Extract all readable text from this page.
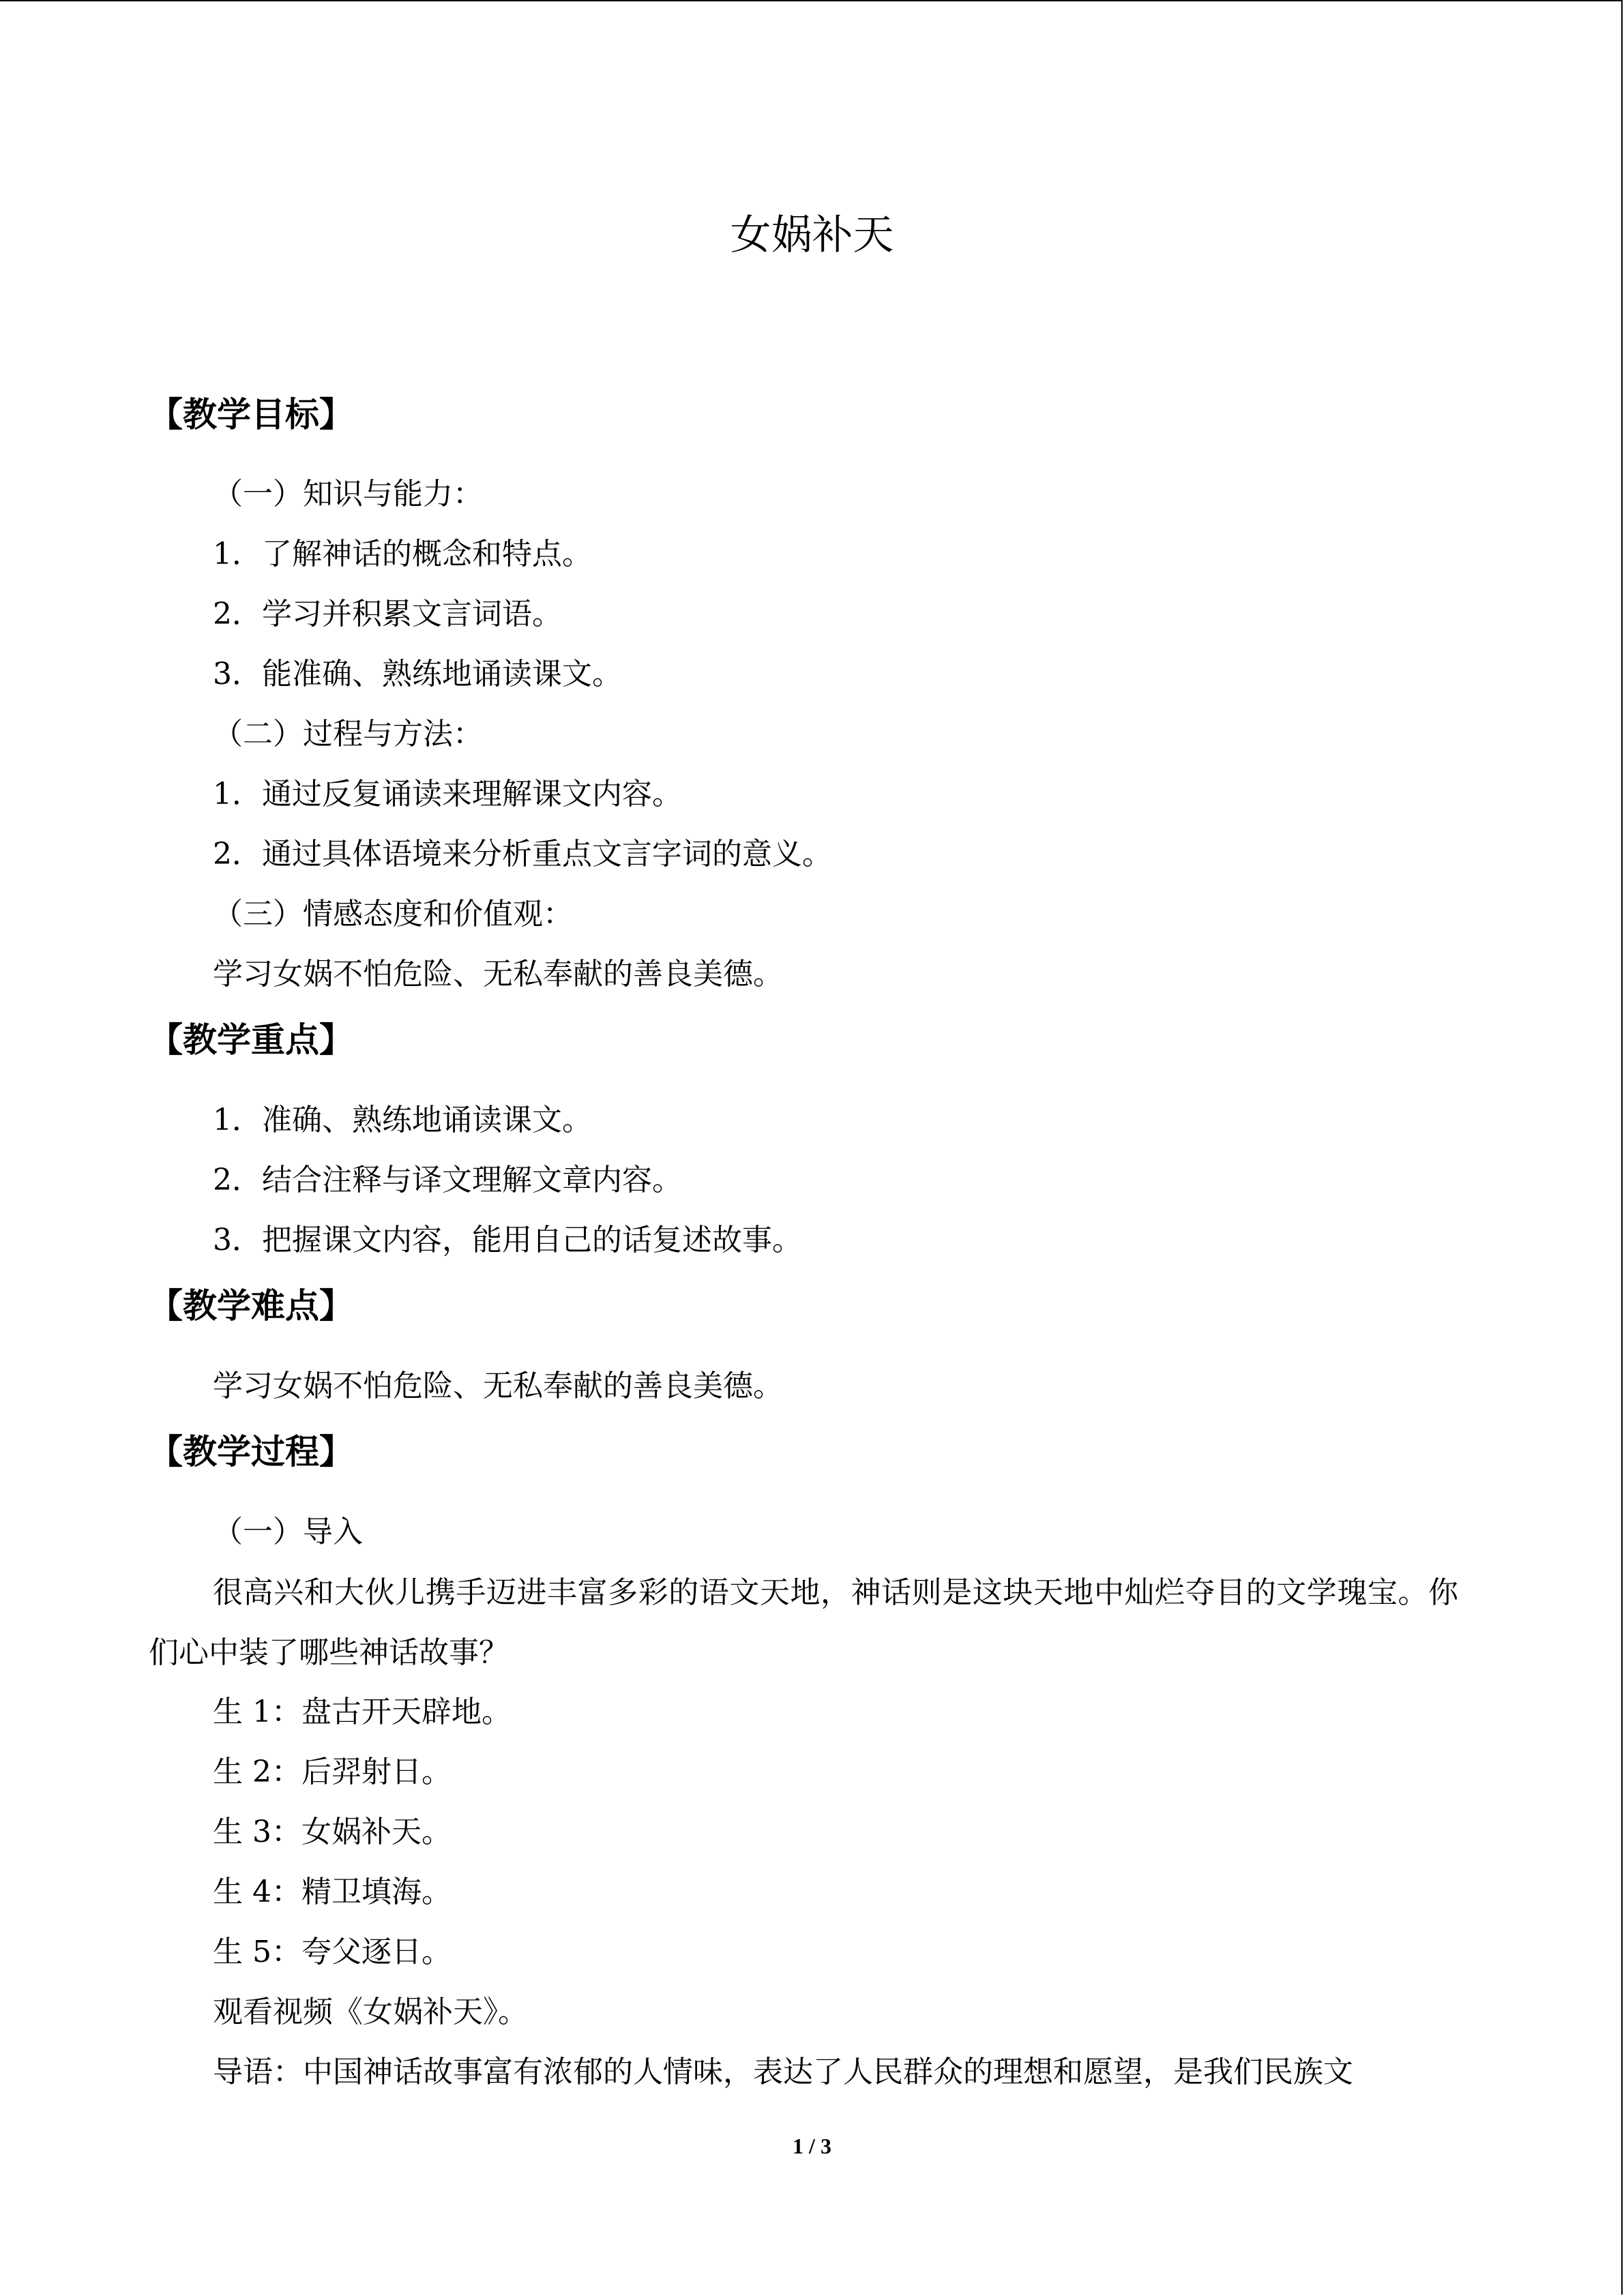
女娲补天
【教学目标】
（一）知识与能力：
1．了解神话的概念和特点。
2．学习并积累文言词语。
3．能准确、熟练地诵读课文。
（二）过程与方法：
1．通过反复诵读来理解课文内容。
2．通过具体语境来分析重点文言字词的意义。
（三）情感态度和价值观：
学习女娲不怕危险、无私奉献的善良美德。
【教学重点】
1．准确、熟练地诵读课文。
2．结合注释与译文理解文章内容。
3．把握课文内容，能用自己的话复述故事。
【教学难点】
学习女娲不怕危险、无私奉献的善良美德。
【教学过程】
（一）导入
很高兴和大伙儿携手迈进丰富多彩的语文天地，神话则是这块天地中灿烂夺目的文学瑰宝。你们心中装了哪些神话故事？
生 1：盘古开天辟地。
生 2：后羿射日。
生 3：女娲补天。
生 4：精卫填海。
生 5：夸父逐日。
观看视频《女娲补天》。
导语：中国神话故事富有浓郁的人情味，表达了人民群众的理想和愿望，是我们民族文
1 / 3
